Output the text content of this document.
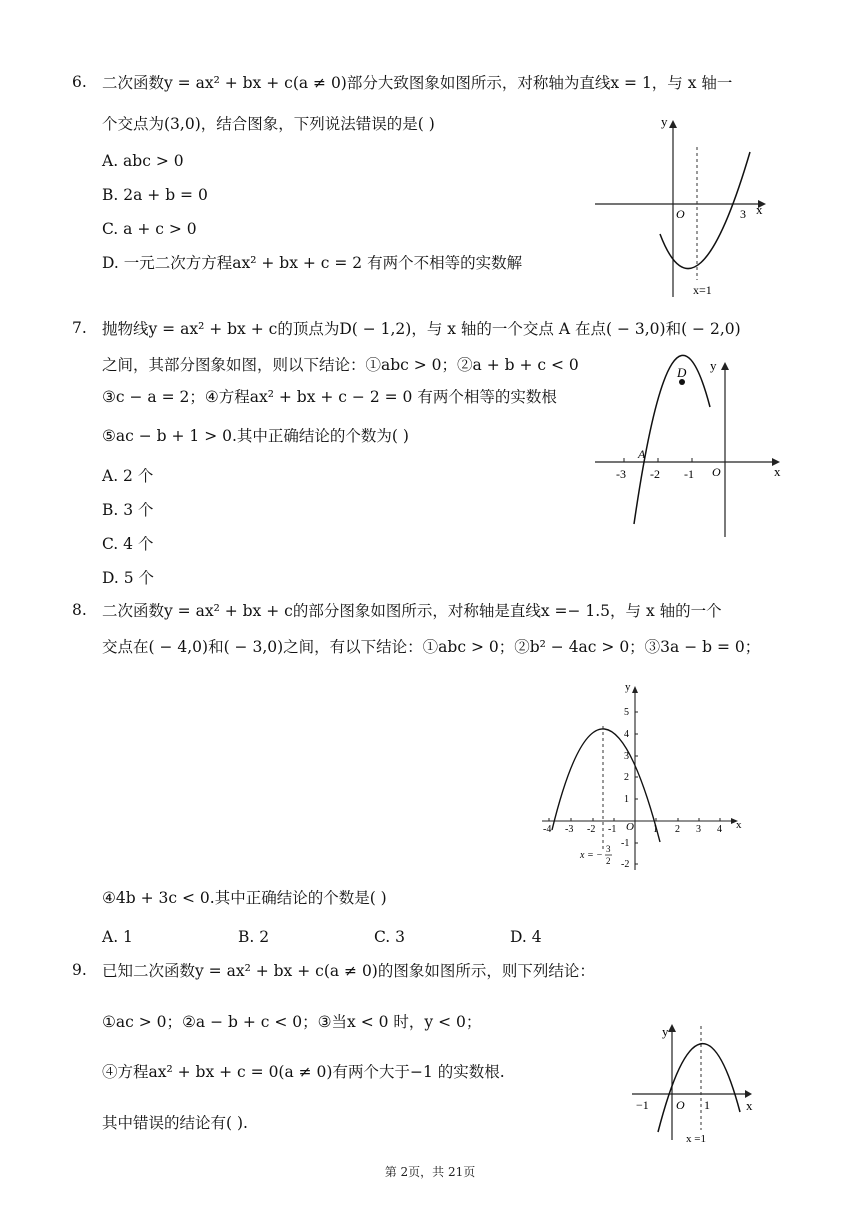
6. 二次函数y = ax² + bx + c(a ≠ 0)部分大致图象如图所示，对称轴为直线x = 1，与 x 轴一
个交点为(3,0)，结合图象，下列说法错误的是( )
A. abc > 0
B. 2a + b = 0
C. a + c > 0
D. 一元二次方方程ax² + bx + c = 2 有两个不相等的实数解
y
x
O	3
x=1
7. 抛物线y = ax² + bx + c的顶点为D( − 1,2)，与 x 轴的一个交点 A 在点( − 3,0)和( − 2,0)
之间，其部分图象如图，则以下结论：①abc > 0；②a + b + c < 0
③c − a = 2；④方程ax² + bx + c − 2 = 0 有两个相等的实数根
⑤ac − b + 1 > 0.其中正确结论的个数为( )
A. 2 个
B. 3 个
C. 4 个
D. 5 个
D
A
y
x
O
-3 -2 -1
8. 二次函数y = ax² + bx + c的部分图象如图所示，对称轴是直线x =− 1.5，与 x 轴的一个
交点在( − 4,0)和( − 3,0)之间，有以下结论：①abc > 0；②b² − 4ac > 0；③3a − b = 0；
y
x
O
-4 -3 -2 -1	1 2 3 4
5
4
3
2
1
-1
-2
x = −
3
2
④4b + 3c < 0.其中正确结论的个数是( )
A. 1	B. 2	C. 3	D. 4
9. 已知二次函数y = ax² + bx + c(a ≠ 0)的图象如图所示，则下列结论：
①ac > 0；②a − b + c < 0；③当x < 0 时，y < 0；
④方程ax² + bx + c = 0(a ≠ 0)有两个大于−1 的实数根.
其中错误的结论有( ).
y
x
O
−1	1
x =1
第 2页，共 21页
